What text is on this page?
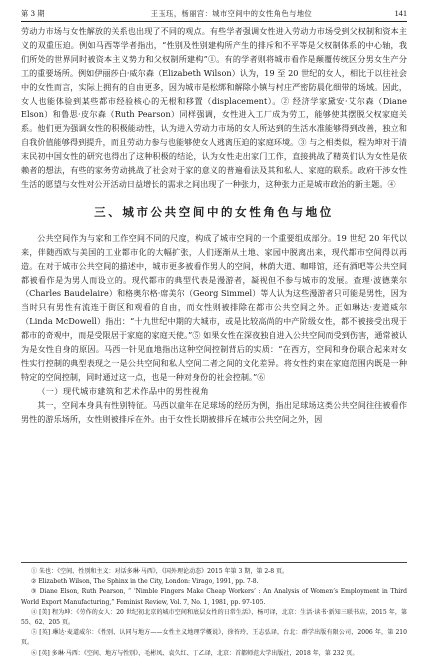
第 3 期	王玉珏，杨丽宫：城市空间中的女性角色与地位	141

劳动力市场与女性解放的关系也出现了不同的观点。有些学者强调女性进入劳动力市场受到父权制和资本主义的双重压迫。例如马西等学者指出，“性别及性别建构所产生的排斥和不平等是父权制体系的中心轴，我们所处的世界同时被资本主义势力和父权制所建构”①。有的学者则将城市看作是颠覆传统区分男女生产分工的重要场所。例如伊丽莎白·威尔森（Elizabeth Wilson）认为，19 至 20 世纪的女人，相比于以往社会中的女性而言，实际上拥有的自由更多，因为城市是松绑和解除小镇与村庄严密防晨化细带的场域。因此，女人也能体验到某些都市经验核心的无根和移置（displacement）。② 经济学家黛安·艾尔森（Diane Elson）和鲁思·皮尔森（Ruth Pearson）同样强调，女性进入工厂成为劳工，能够使其摆脱父权家庭关系。他们更为强调女性的积极能动性，认为进入劳动力市场的女人所达到的生活水准能够得到改善，独立和自我价值能够得到提升，而且劳动力参与也能够使女人逃离压迫的家庭环境。③ 与之相类似，程为坤对于清末民初中国女性的研究也得出了这种积极的结论，认为女性走出家门工作，直接挑战了精英们认为女性是依赖者的想法，有些的家务劳动挑战了社会对于家的意义的普遍看法及其和私人、家庭的联系。政府干涉女性生活的愿望与女性对公开活动日益增长的需求之间出现了一种张力，这种张力正是城市政治的新主题。④

三、城市公共空间中的女性角色与地位

公共空间作为与家和工作空间不同的尺度，构成了城市空间的一个重要组成部分。19 世纪 20 年代以来，伴随西欧与美国的工业都市化的大幅扩张，人们逐渐从土地、家园中脱离出来，现代都市空间得以再造。在对于城市公共空间的描述中，城市更多被看作男人的空间，林荫大道、咖啡馆，还有酒吧等公共空间都被看作是为男人而设立的。现代都市的典型代表是漫游者，凝视但不参与城市的发展。查理·波德莱尔（Charles Baudelaire）和格奥尔格·席美尔（Georg Simmel）等人认为这些漫游者只可能是男性，因为当时只有男性有流连于街区和观看的自由，而女性则被排除在都市公共空间之外。正如琳达·麦道威尔（Linda McDowell）指出：“十九世纪中期的大城市，或是比较高尚的中产阶级女性，都不被接受出现于都市的奇观中，而是受限居于家庭的家庭天使。”⑤ 如果女性在深夜独自进入公共空间而受到伤害，通常被认为是女性自身的原因。马西一针见血地指出这种空间控制背后的实质：“在西方，空间和身份联合起来对女性实行控制的典型表现之一是公共空间和私人空间二者之间的文化差异。将女性约束在家庭范围内既是一种特定的空间控制，同时通过这一点，也是一种对身份的社会控制。”⑥

（一）现代城市建筑和艺术作品中的男性视角

其一，空间本身具有性别特征。马西以童年在足球场的经历为例，指出足球场这类公共空间往往被看作男性的游乐场所，女性则被排斥在外。由于女性长期被排斥在城市公共空间之外，因

① 朱也：《空间、性别和主义：对话多琳·马西》，《国外理论动态》2015 年第 3 期，第 2-8 页。

② Elizabeth Wilson, The Sphinx in the City, London: Virago, 1991, pp. 7-8.

③ Diane Elson, Ruth Pearson, “ ‘Nimble Fingers Make Cheap Workers’ : An Analysis of Women’s Employment in Third World Export Manufacturing,” Feminist Review, Vol. 7, No. 1, 1981, pp. 97-105.

④ [美] 程为坤：《劳作的女人：20 世纪初北京的城市空间和底层女性的日常生活》，杨可译，北京：生活·读书·新知三联书店，2015 年，第 55、62、205 页。

⑤ [英] 琳达·麦道威尔：《性别、认同与地方——女性主义地理学概说》，徐苔玲、王志弘译，台北：群学出版有限公司，2006 年，第 210 页。

⑥ [英] 多琳·马西：《空间、地方与性别》，毛彬凤、袁久红、丁乙译，北京：首都师范大学出版社，2018 年，第 232 页。
